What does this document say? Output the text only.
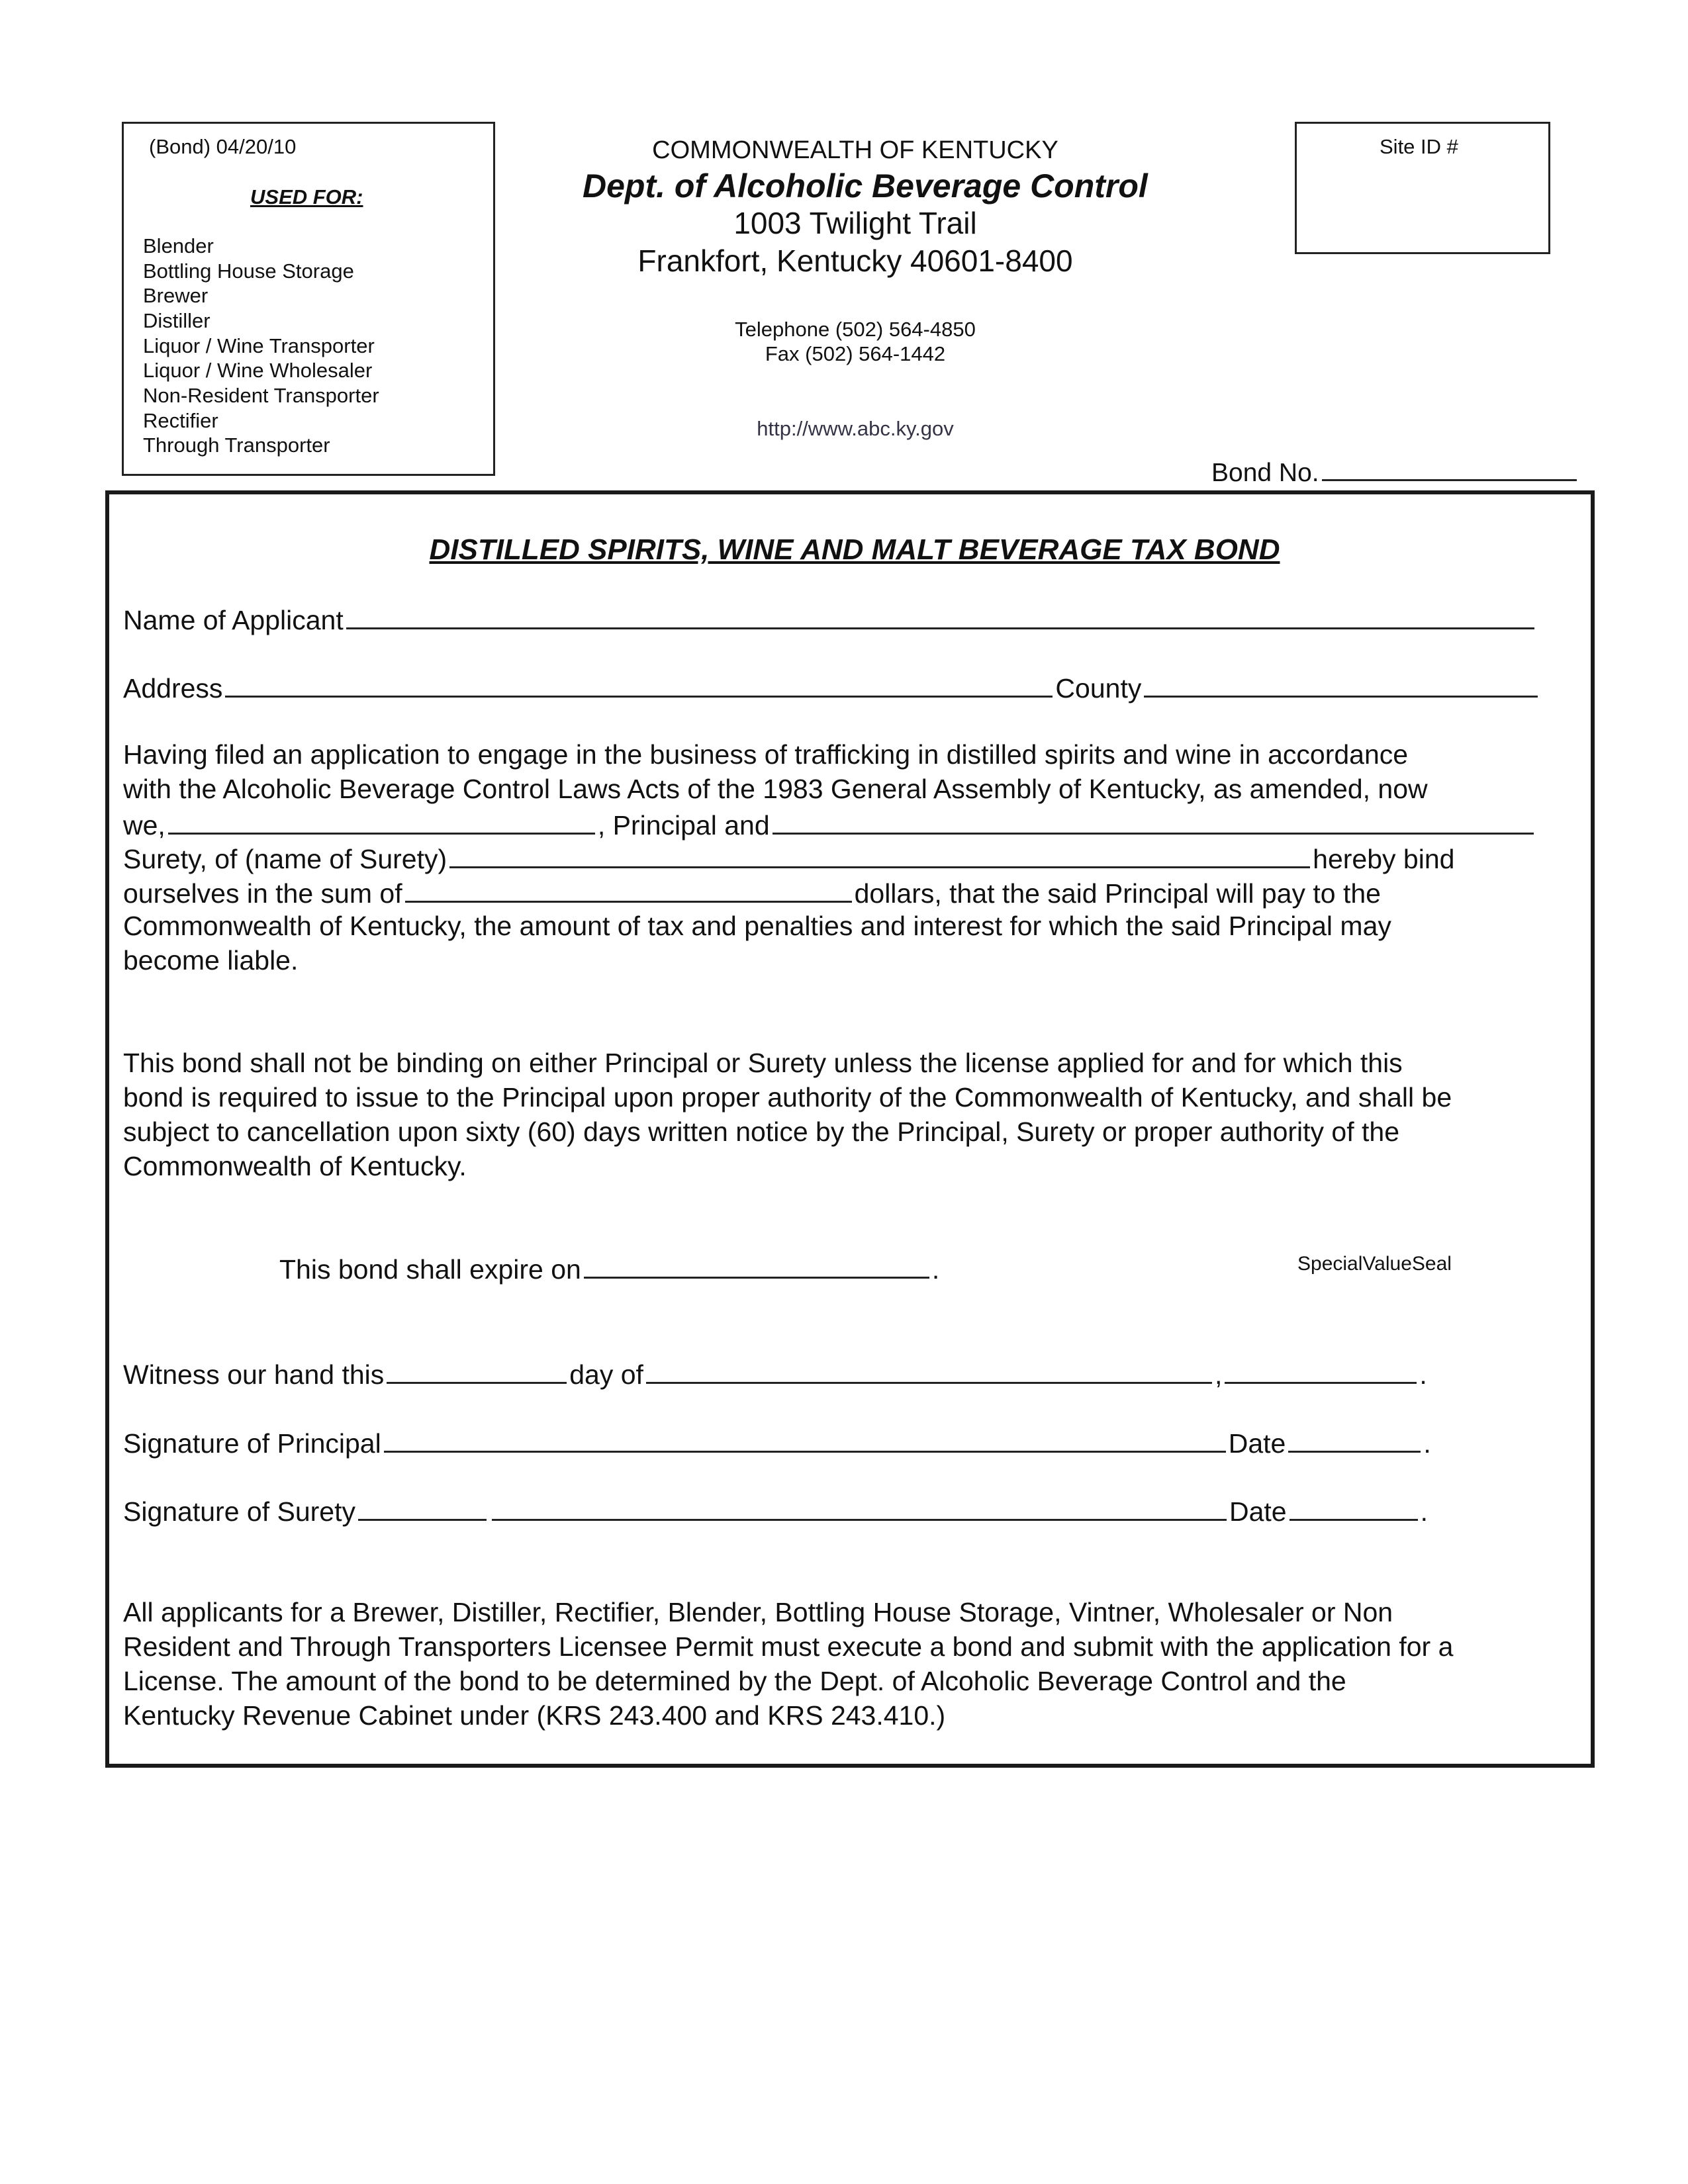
(Bond) 04/20/10
USED FOR:
Blender
Bottling House Storage
Brewer
Distiller
Liquor / Wine Transporter
Liquor / Wine Wholesaler
Non-Resident Transporter
Rectifier
Through Transporter
COMMONWEALTH OF KENTUCKY
Dept. of Alcoholic Beverage Control
1003 Twilight Trail
Frankfort, Kentucky 40601-8400
Telephone (502) 564-4850
Fax (502) 564-1442
http://www.abc.ky.gov
Site ID #
Bond No.
DISTILLED SPIRITS, WINE AND MALT BEVERAGE TAX BOND
Name of Applicant
Address	County
Having filed an application to engage in the business of trafficking in distilled spirits and wine in accordance
with the Alcoholic Beverage Control Laws Acts of the 1983 General Assembly of Kentucky, as amended, now
we,	, Principal and
Surety, of (name of Surety)	hereby bind
ourselves in the sum of	dollars, that the said Principal will pay to the
Commonwealth of Kentucky, the amount of tax and penalties and interest for which the said Principal may
become liable.
This bond shall not be binding on either Principal or Surety unless the license applied for and for which this
bond is required to issue to the Principal upon proper authority of the Commonwealth of Kentucky, and shall be
subject to cancellation upon sixty (60) days written notice by the Principal, Surety or proper authority of the
Commonwealth of Kentucky.
This bond shall expire on	.	SpecialValueSeal
Witness our hand this	day of	,	.
Signature of Principal	Date	.
Signature of Surety	Date	.
All applicants for a Brewer, Distiller, Rectifier, Blender, Bottling House Storage, Vintner, Wholesaler or Non
Resident and Through Transporters Licensee Permit must execute a bond and submit with the application for a
License. The amount of the bond to be determined by the Dept. of Alcoholic Beverage Control and the
Kentucky Revenue Cabinet under (KRS 243.400 and KRS 243.410.)
